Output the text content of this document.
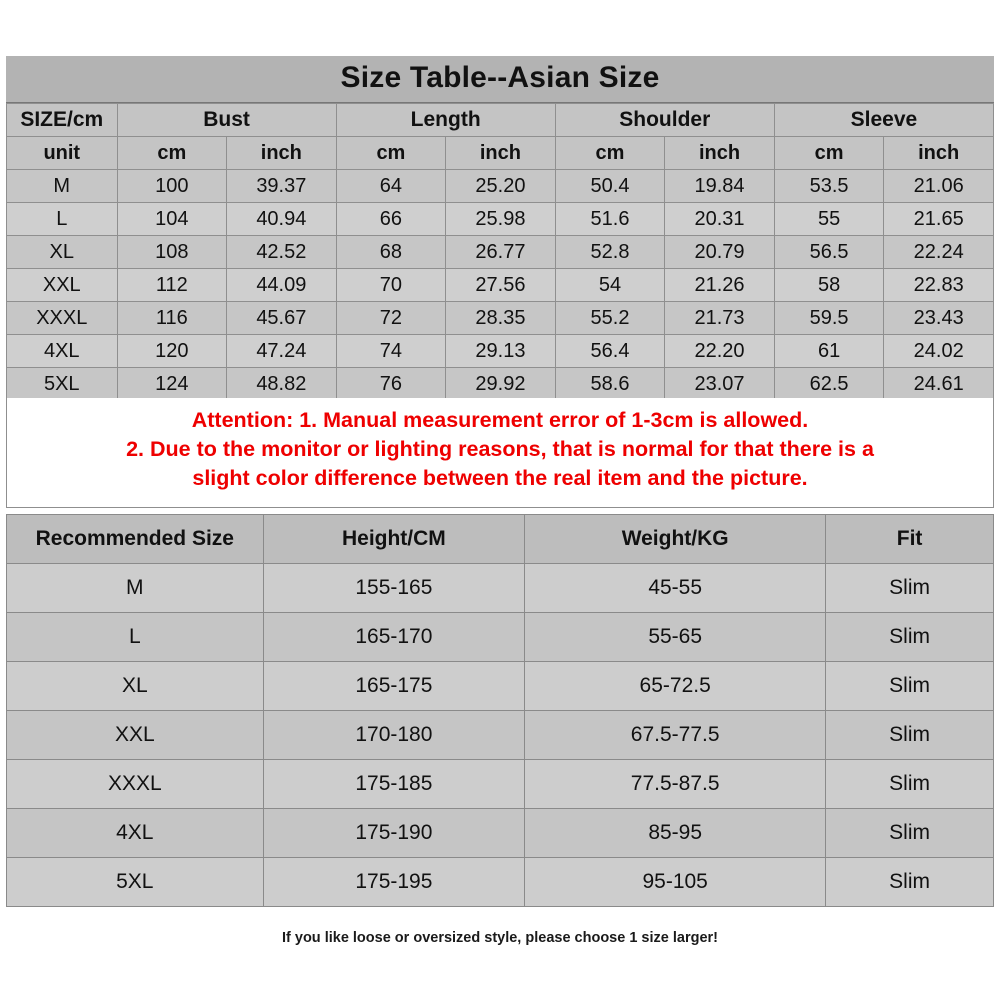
Size Table--Asian Size
SIZE/cm	Bust		Length		Shoulder		Sleeve	
unit	cm	inch	cm	inch	cm	inch	cm	inch
M	100	39.37	64	25.20	50.4	19.84	53.5	21.06
L	104	40.94	66	25.98	51.6	20.31	55	21.65
XL	108	42.52	68	26.77	52.8	20.79	56.5	22.24
XXL	112	44.09	70	27.56	54	21.26	58	22.83
XXXL	116	45.67	72	28.35	55.2	21.73	59.5	23.43
4XL	120	47.24	74	29.13	56.4	22.20	61	24.02
5XL	124	48.82	76	29.92	58.6	23.07	62.5	24.61
Attention: 1. Manual measurement error of 1-3cm is allowed.
2. Due to the monitor or lighting reasons, that is normal for that there is a
slight color difference between the real item and the picture.
Recommended Size	Height/CM	Weight/KG	Fit
M	155-165	45-55	Slim
L	165-170	55-65	Slim
XL	165-175	65-72.5	Slim
XXL	170-180	67.5-77.5	Slim
XXXL	175-185	77.5-87.5	Slim
4XL	175-190	85-95	Slim
5XL	175-195	95-105	Slim
If you like loose or oversized style, please choose 1 size larger!
